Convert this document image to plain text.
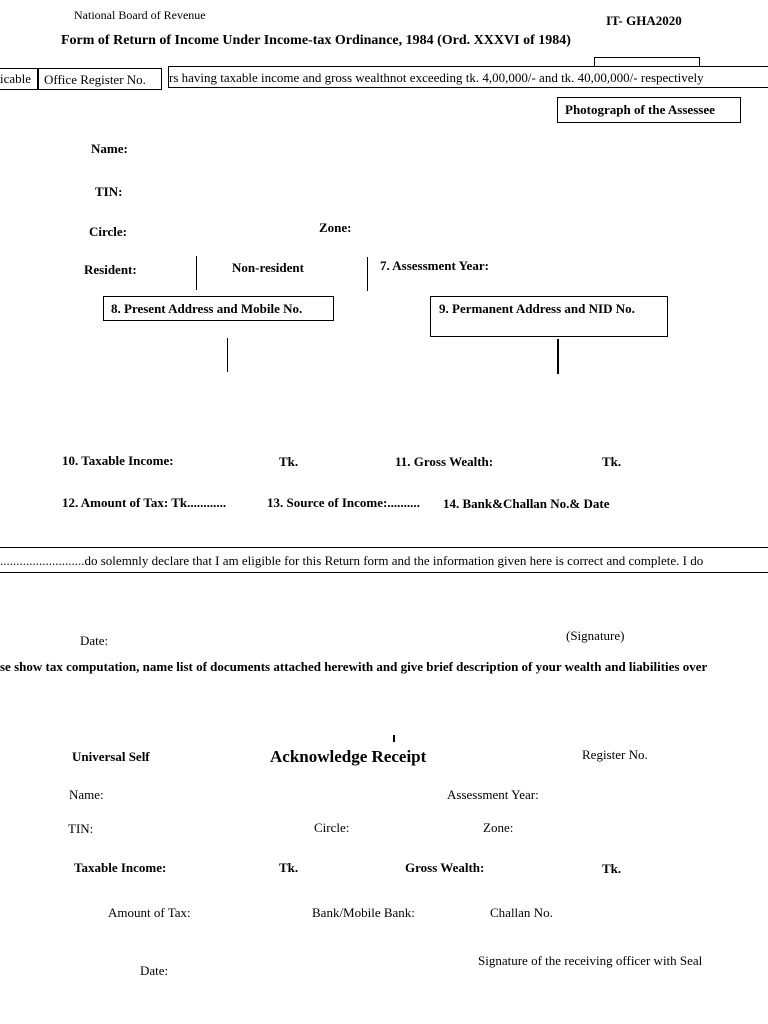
National Board of Revenue	IT- GHA2020
Form of Return of Income Under Income-tax Ordinance, 1984 (Ord. XXXVI of 1984)
icable Office Register No. rs having taxable income and gross wealthnot exceeding tk. 4,00,000/- and tk. 40,00,000/- respectively
Photograph of the Assessee
Name:
TIN:
Circle:	Zone:
Resident:	Non-resident	7. Assessment Year:
8. Present Address and Mobile No.	9. Permanent Address and NID No.
10. Taxable Income:	Tk.	11. Gross Wealth:	Tk.
12. Amount of Tax: Tk............	13. Source of Income:.......... 14. Bank&Challan No.& Date
..........................do solemnly declare that I am eligible for this Return form and the information given here is correct and complete. I do
Date:	(Signature)
se show tax computation, name list of documents attached herewith and give brief description of your wealth and liabilities over
Universal Self	Acknowledge Receipt	Register No.
Name:	Assessment Year:
TIN:	Circle:	Zone:
Taxable Income:	Tk.	Gross Wealth:	Tk.
Amount of Tax:	Bank/Mobile Bank:	Challan No.
Date:
Signature of the receiving officer with Seal
